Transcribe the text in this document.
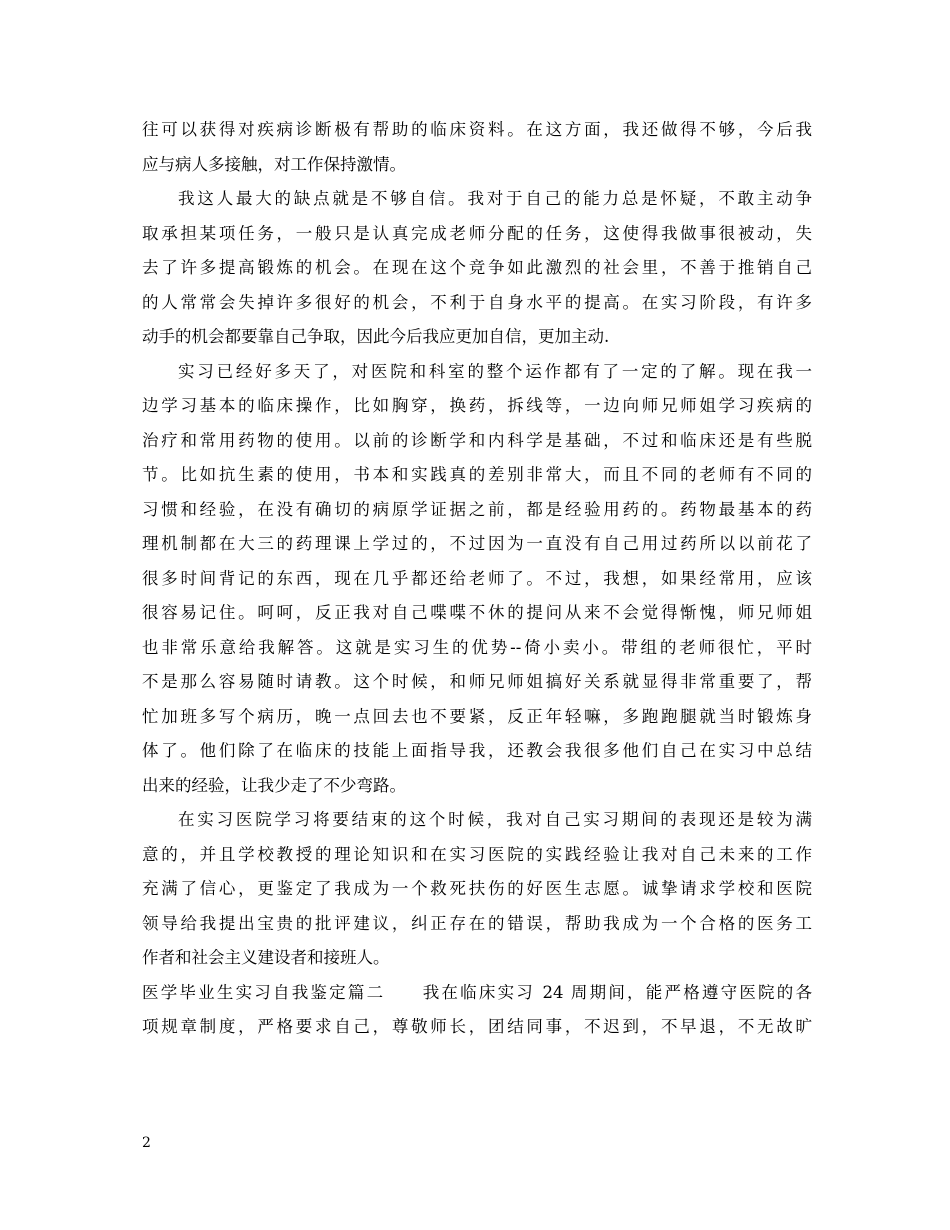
往可以获得对疾病诊断极有帮助的临床资料。在这方面，我还做得不够，今后我
应与病人多接触，对工作保持激情。
我这人最大的缺点就是不够自信。我对于自己的能力总是怀疑，不敢主动争
取承担某项任务，一般只是认真完成老师分配的任务，这使得我做事很被动，失
去了许多提高锻炼的机会。在现在这个竞争如此激烈的社会里，不善于推销自己
的人常常会失掉许多很好的机会，不利于自身水平的提高。在实习阶段，有许多
动手的机会都要靠自己争取，因此今后我应更加自信，更加主动.
实习已经好多天了，对医院和科室的整个运作都有了一定的了解。现在我一
边学习基本的临床操作，比如胸穿，换药，拆线等，一边向师兄师姐学习疾病的
治疗和常用药物的使用。以前的诊断学和内科学是基础，不过和临床还是有些脱
节。比如抗生素的使用，书本和实践真的差别非常大，而且不同的老师有不同的
习惯和经验，在没有确切的病原学证据之前，都是经验用药的。药物最基本的药
理机制都在大三的药理课上学过的，不过因为一直没有自己用过药所以以前花了
很多时间背记的东西，现在几乎都还给老师了。不过，我想，如果经常用，应该
很容易记住。呵呵，反正我对自己喋喋不休的提问从来不会觉得惭愧，师兄师姐
也非常乐意给我解答。这就是实习生的优势--倚小卖小。带组的老师很忙，平时
不是那么容易随时请教。这个时候，和师兄师姐搞好关系就显得非常重要了，帮
忙加班多写个病历，晚一点回去也不要紧，反正年轻嘛，多跑跑腿就当时锻炼身
体了。他们除了在临床的技能上面指导我，还教会我很多他们自己在实习中总结
出来的经验，让我少走了不少弯路。
在实习医院学习将要结束的这个时候，我对自己实习期间的表现还是较为满
意的，并且学校教授的理论知识和在实习医院的实践经验让我对自己未来的工作
充满了信心，更鉴定了我成为一个救死扶伤的好医生志愿。诚挚请求学校和医院
领导给我提出宝贵的批评建议，纠正存在的错误，帮助我成为一个合格的医务工
作者和社会主义建设者和接班人。
医学毕业生实习自我鉴定篇二　　我在临床实习 24 周期间，能严格遵守医院的各
项规章制度，严格要求自己，尊敬师长，团结同事，不迟到，不早退，不无故旷
2
